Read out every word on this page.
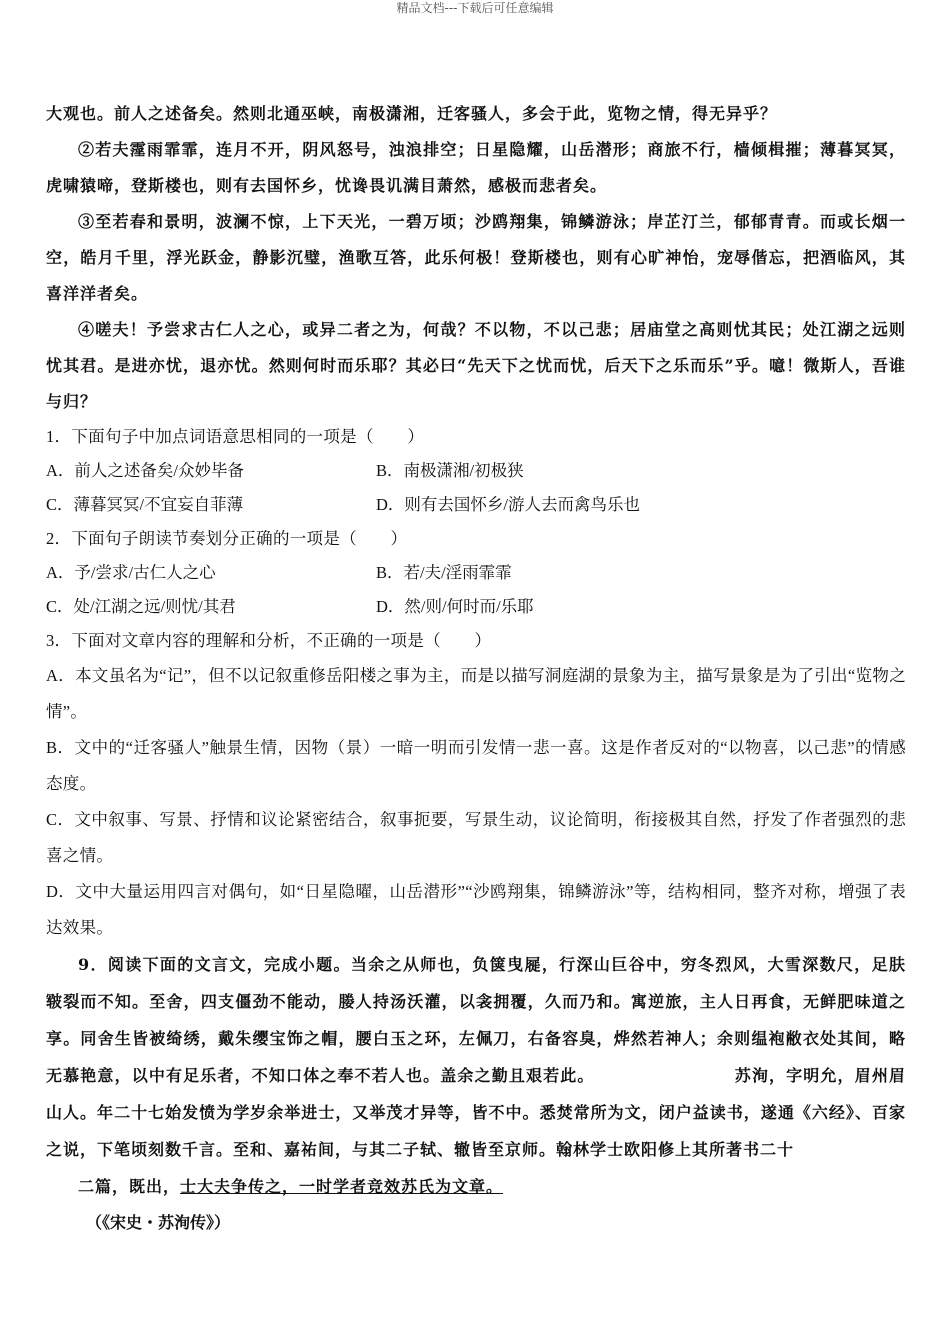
精品文档---下载后可任意编辑

大观也。前人之述备矣。然则北通巫峡，南极潇湘，迁客骚人，多会于此，览物之情，得无异乎？

②若夫霪雨霏霏，连月不开，阴风怒号，浊浪排空；日星隐耀，山岳潜形；商旅不行，樯倾楫摧；薄暮冥冥，虎啸猿啼，登斯楼也，则有去国怀乡，忧谗畏讥满目萧然，感极而悲者矣。

③至若春和景明，波澜不惊，上下天光，一碧万顷；沙鸥翔集，锦鳞游泳；岸芷汀兰，郁郁青青。而或长烟一空，皓月千里，浮光跃金，静影沉璧，渔歌互答，此乐何极！登斯楼也，则有心旷神怡，宠辱偕忘，把酒临风，其喜洋洋者矣。

④嗟夫！予尝求古仁人之心，或异二者之为，何哉？不以物，不以己悲；居庙堂之高则忧其民；处江湖之远则忧其君。是进亦忧，退亦忧。然则何时而乐耶？其必曰“先天下之忧而忧，后天下之乐而乐”乎。噫！微斯人，吾谁与归？

1．下面句子中加点词语意思相同的一项是（　　）

A．前人之述备矣/众妙毕备	B．南极潇湘/初极狭
C．薄暮冥冥/不宜妄自菲薄	D．则有去国怀乡/游人去而禽鸟乐也

2．下面句子朗读节奏划分正确的一项是（　　）

A．予/尝求/古仁人之心	B．若/夫/淫雨霏霏
C．处/江湖之远/则忧/其君	D．然/则/何时而/乐耶

3．下面对文章内容的理解和分析，不正确的一项是（　　）

A．本文虽名为“记”，但不以记叙重修岳阳楼之事为主，而是以描写洞庭湖的景象为主，描写景象是为了引出“览物之情”。

B．文中的“迁客骚人”触景生情，因物（景）一暗一明而引发情一悲一喜。这是作者反对的“以物喜，以己悲”的情感态度。

C．文中叙事、写景、抒情和议论紧密结合，叙事扼要，写景生动，议论简明，衔接极其自然，抒发了作者强烈的悲喜之情。

D．文中大量运用四言对偶句，如“日星隐曜，山岳潜形”“沙鸥翔集，锦鳞游泳”等，结构相同，整齐对称，增强了表达效果。

9．阅读下面的文言文，完成小题。当余之从师也，负箧曳屣，行深山巨谷中，穷冬烈风，大雪深数尺，足肤皲裂而不知。至舍，四支僵劲不能动，媵人持汤沃灌，以衾拥覆，久而乃和。寓逆旅，主人日再食，无鲜肥味道之享。同舍生皆被绮绣，戴朱缨宝饰之帽，腰白玉之环，左佩刀，右备容臭，烨然若神人；余则缊袍敝衣处其间，略无慕艳意，以中有足乐者，不知口体之奉不若人也。盖余之勤且艰若此。	苏洵，字明允，眉州眉山人。年二十七始发愤为学岁余举进士，又举茂才异等，皆不中。悉焚常所为文，闭户益读书，遂通《六经》、百家之说，下笔顷刻数千言。至和、嘉祐间，与其二子轼、辙皆至京师。翰林学士欧阳修上其所著书二十

二篇，既出，士大夫争传之，一时学者竞效苏氏为文章。

（《宋史・苏洵传》）
